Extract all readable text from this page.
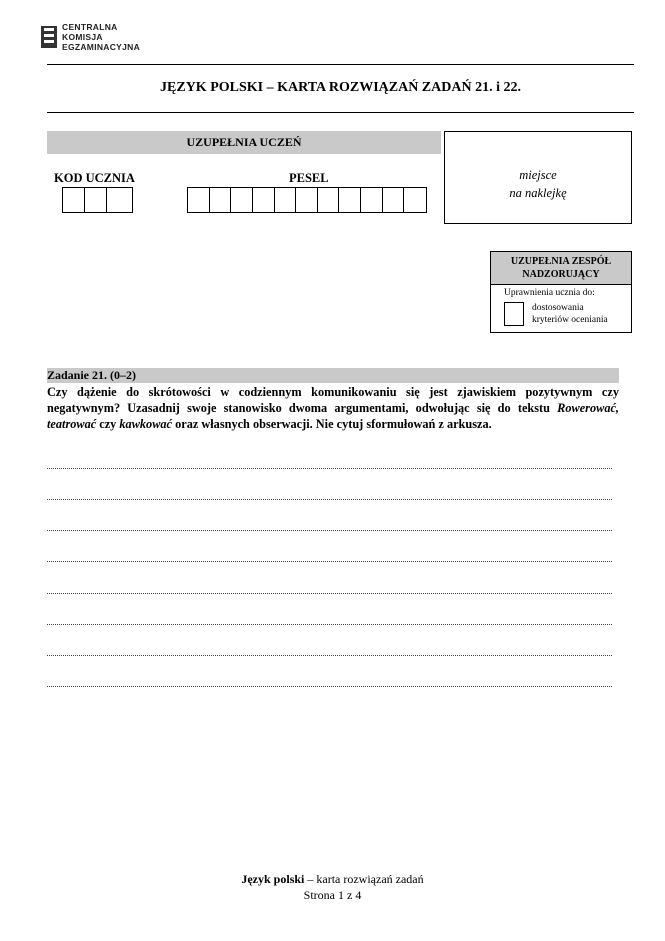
CENTRALNA
KOMISJA
EGZAMINACYJNA
JĘZYK POLSKI – KARTA ROZWIĄZAŃ ZADAŃ 21. i 22.
UZUPEŁNIA UCZEŃ
KOD UCZNIA	PESEL	miejsce
na naklejkę
UZUPEŁNIA ZESPÓŁ
NADZORUJĄCY
Uprawnienia ucznia do:
dostosowania
kryteriów oceniania
Zadanie 21. (0–2)
Czy dążenie do skrótowości w codziennym komunikowaniu się jest zjawiskiem pozytywnym czy negatywnym? Uzasadnij swoje stanowisko dwoma argumentami, odwołując się do tekstu Rowerować, teatrować czy kawkować oraz własnych obserwacji. Nie cytuj sformułowań z arkusza.
Język polski – karta rozwiązań zadań
Strona 1 z 4
